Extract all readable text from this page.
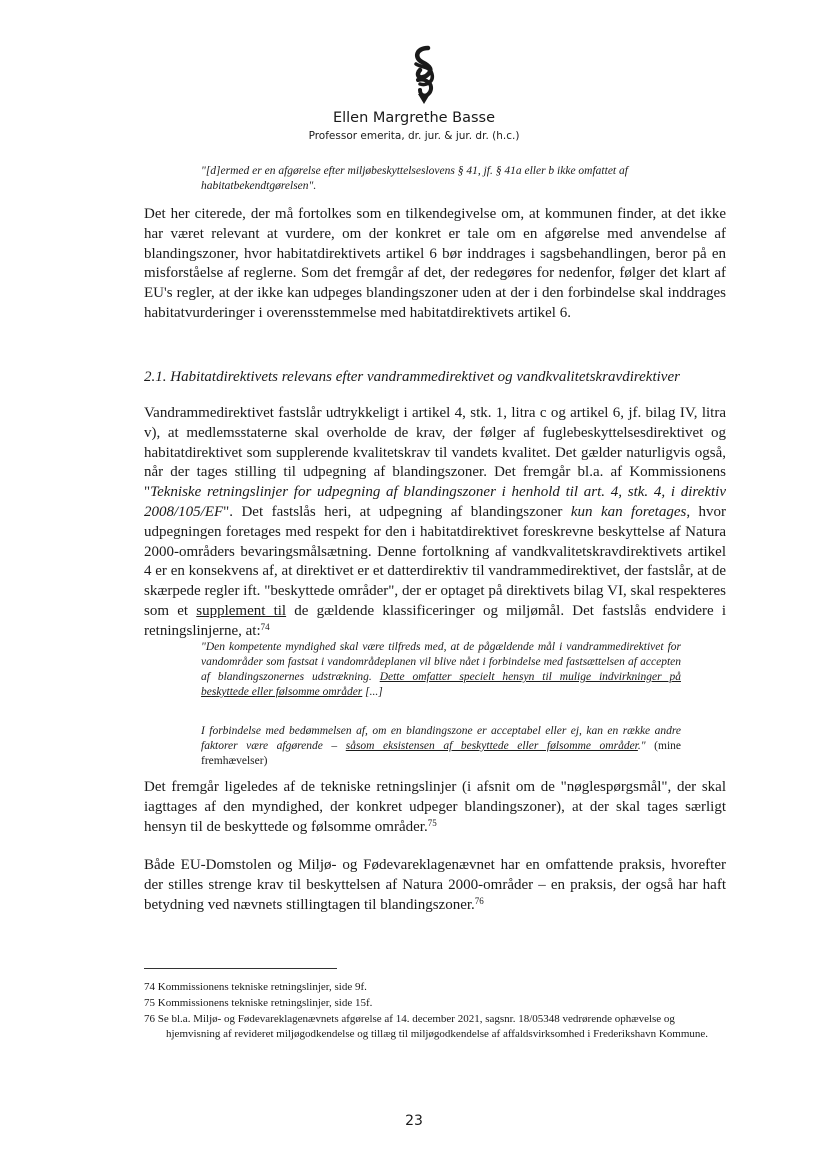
Ellen Margrethe Basse
Professor emerita, dr. jur. & jur. dr. (h.c.)
"[d]ermed er en afgørelse efter miljøbeskyttelseslovens § 41, jf. § 41a eller b ikke omfattet af habitatbekendtgørelsen".
Det her citerede, der må fortolkes som en tilkendegivelse om, at kommunen finder, at det ikke har været relevant at vurdere, om der konkret er tale om en afgørelse med anvendelse af blandingszoner, hvor habitatdirektivets artikel 6 bør inddrages i sagsbehandlingen, beror på en misforståelse af reglerne. Som det fremgår af det, der redegøres for nedenfor, følger det klart af EU's regler, at der ikke kan udpeges blandingszoner uden at der i den forbindelse skal inddrages habitatvurderinger i overensstemmelse med habitatdirektivets artikel 6.
2.1. Habitatdirektivets relevans efter vandrammedirektivet og vandkvalitetskravdirektiver
Vandrammedirektivet fastslår udtrykkeligt i artikel 4, stk. 1, litra c og artikel 6, jf. bilag IV, litra v), at medlemsstaterne skal overholde de krav, der følger af fuglebeskyttelsesdirektivet og habitatdirektivet som supplerende kvalitetskrav til vandets kvalitet. Det gælder naturligvis også, når der tages stilling til udpegning af blandingszoner. Det fremgår bl.a. af Kommissionens "Tekniske retningslinjer for udpegning af blandingszoner i henhold til art. 4, stk. 4, i direktiv 2008/105/EF". Det fastslås heri, at udpegning af blandingszoner kun kan foretages, hvor udpegningen foretages med respekt for den i habitatdirektivet foreskrevne beskyttelse af Natura 2000-områders bevaringsmålsætning. Denne fortolkning af vandkvalitetskravdirektivets artikel 4 er en konsekvens af, at direktivet er et datterdirektiv til vandrammedirektivet, der fastslår, at de skærpede regler ift. "beskyttede områder", der er optaget på direktivets bilag VI, skal respekteres som et supplement til de gældende klassificeringer og miljømål. Det fastslås endvidere i retningslinjerne, at:$^{74}$
"Den kompetente myndighed skal være tilfreds med, at de pågældende mål i vandrammedirektivet for vandområder som fastsat i vandområdeplanen vil blive nået i forbindelse med fastsættelsen af accepten af blandingszonernes udstrækning. Dette omfatter specielt hensyn til mulige indvirkninger på beskyttede eller følsomme områder [...]
I forbindelse med bedømmelsen af, om en blandingszone er acceptabel eller ej, kan en række andre faktorer være afgørende – såsom eksistensen af beskyttede eller følsomme områder." (mine fremhævelser)
Det fremgår ligeledes af de tekniske retningslinjer (i afsnit om de "nøglespørgsmål", der skal iagttages af den myndighed, der konkret udpeger blandingszoner), at der skal tages særligt hensyn til de beskyttede og følsomme områder.$^{75}$
Både EU-Domstolen og Miljø- og Fødevareklagenævnet har en omfattende praksis, hvorefter der stilles strenge krav til beskyttelsen af Natura 2000-områder – en praksis, der også har haft betydning ved nævnets stillingtagen til blandingszoner.$^{76}$
74 Kommissionens tekniske retningslinjer, side 9f.
75 Kommissionens tekniske retningslinjer, side 15f.
76 Se bl.a. Miljø- og Fødevareklagenævnets afgørelse af 14. december 2021, sagsnr. 18/05348 vedrørende ophævelse og hjemvisning af revideret miljøgodkendelse og tillæg til miljøgodkendelse af affaldsvirksomhed i Frederikshavn Kommune.
23
